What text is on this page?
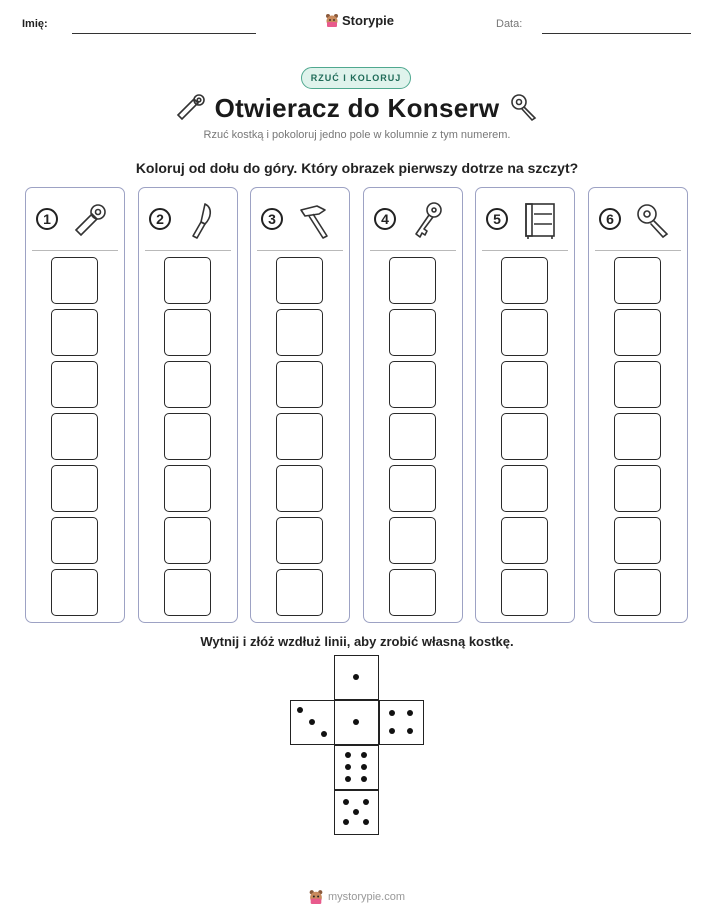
Imię:	Storypie	Data:
RZUĆ I KOLORUJ
Otwieracz do Konserw
Rzuć kostką i pokoloruj jedno pole w kolumnie z tym numerem.
Koloruj od dołu do góry. Który obrazek pierwszy dotrze na szczyt?
1	2	3	4	5	6
Wytnij i złóż wzdłuż linii, aby zrobić własną kostkę.
mystorypie.com
